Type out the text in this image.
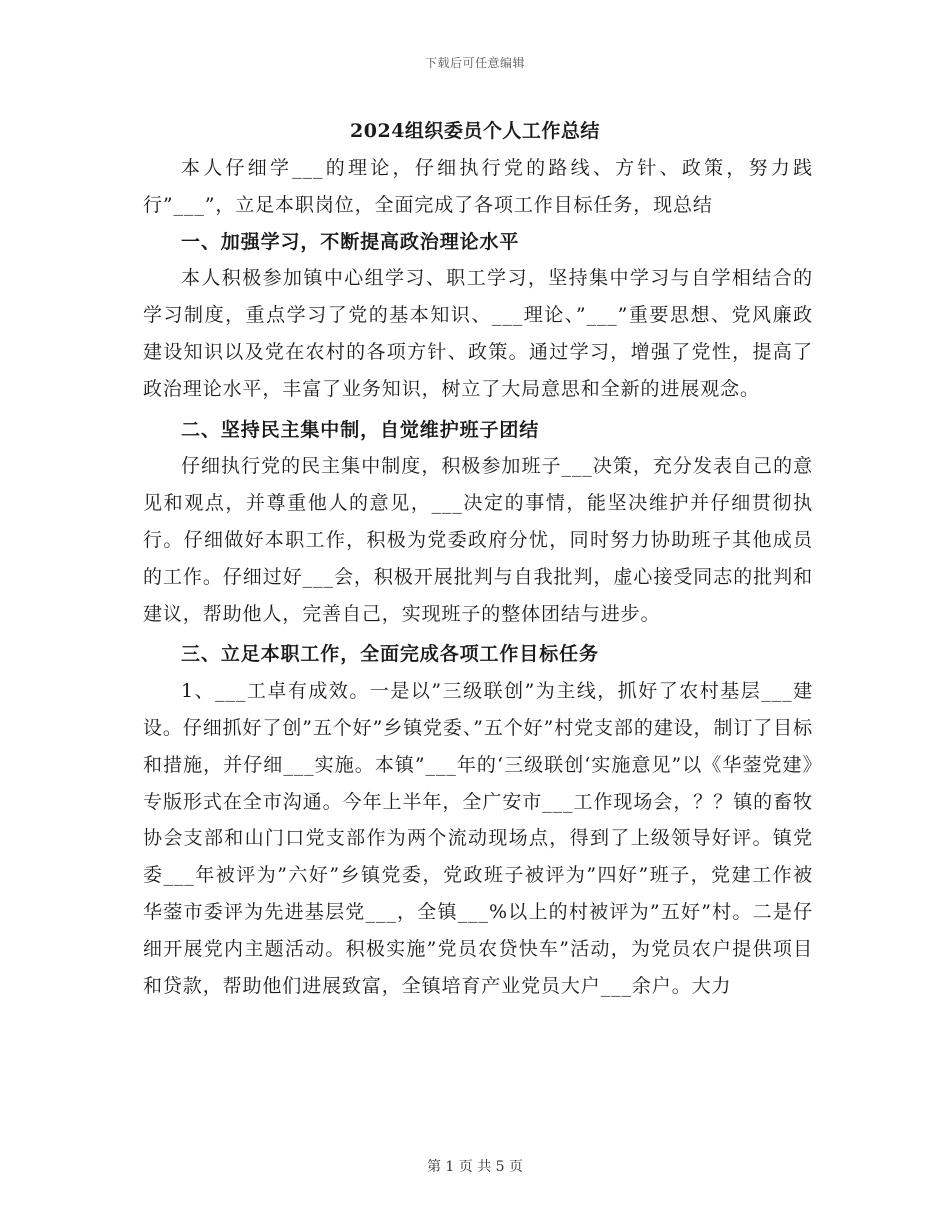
下载后可任意编辑
2024组织委员个人工作总结

本人仔细学___的理论，仔细执行党的路线、方针、政策，努力践行”___”，立足本职岗位，全面完成了各项工作目标任务，现总结

一、加强学习，不断提高政治理论水平

本人积极参加镇中心组学习、职工学习，坚持集中学习与自学相结合的学习制度，重点学习了党的基本知识、___理论、”___”重要思想、党风廉政建设知识以及党在农村的各项方针、政策。通过学习，增强了党性，提高了政治理论水平，丰富了业务知识，树立了大局意思和全新的进展观念。

二、坚持民主集中制，自觉维护班子团结

仔细执行党的民主集中制度，积极参加班子___决策，充分发表自己的意见和观点，并尊重他人的意见，___决定的事情，能坚决维护并仔细贯彻执行。仔细做好本职工作，积极为党委政府分忧，同时努力协助班子其他成员的工作。仔细过好___会，积极开展批判与自我批判，虚心接受同志的批判和建议，帮助他人，完善自己，实现班子的整体团结与进步。

三、立足本职工作，全面完成各项工作目标任务

1、___工卓有成效。一是以”三级联创”为主线，抓好了农村基层___建设。仔细抓好了创”五个好”乡镇党委、”五个好”村党支部的建设，制订了目标和措施，并仔细___实施。本镇”___年的‘三级联创‘实施意见”以《华蓥党建》专版形式在全市沟通。今年上半年，全广安市___工作现场会，？？镇的畜牧协会支部和山门口党支部作为两个流动现场点，得到了上级领导好评。镇党委___年被评为”六好”乡镇党委，党政班子被评为”四好”班子，党建工作被华蓥市委评为先进基层党___，全镇___%以上的村被评为”五好”村。二是仔细开展党内主题活动。积极实施”党员农贷快车”活动，为党员农户提供项目和贷款，帮助他们进展致富，全镇培育产业党员大户___余户。大力

第 1 页 共 5 页
